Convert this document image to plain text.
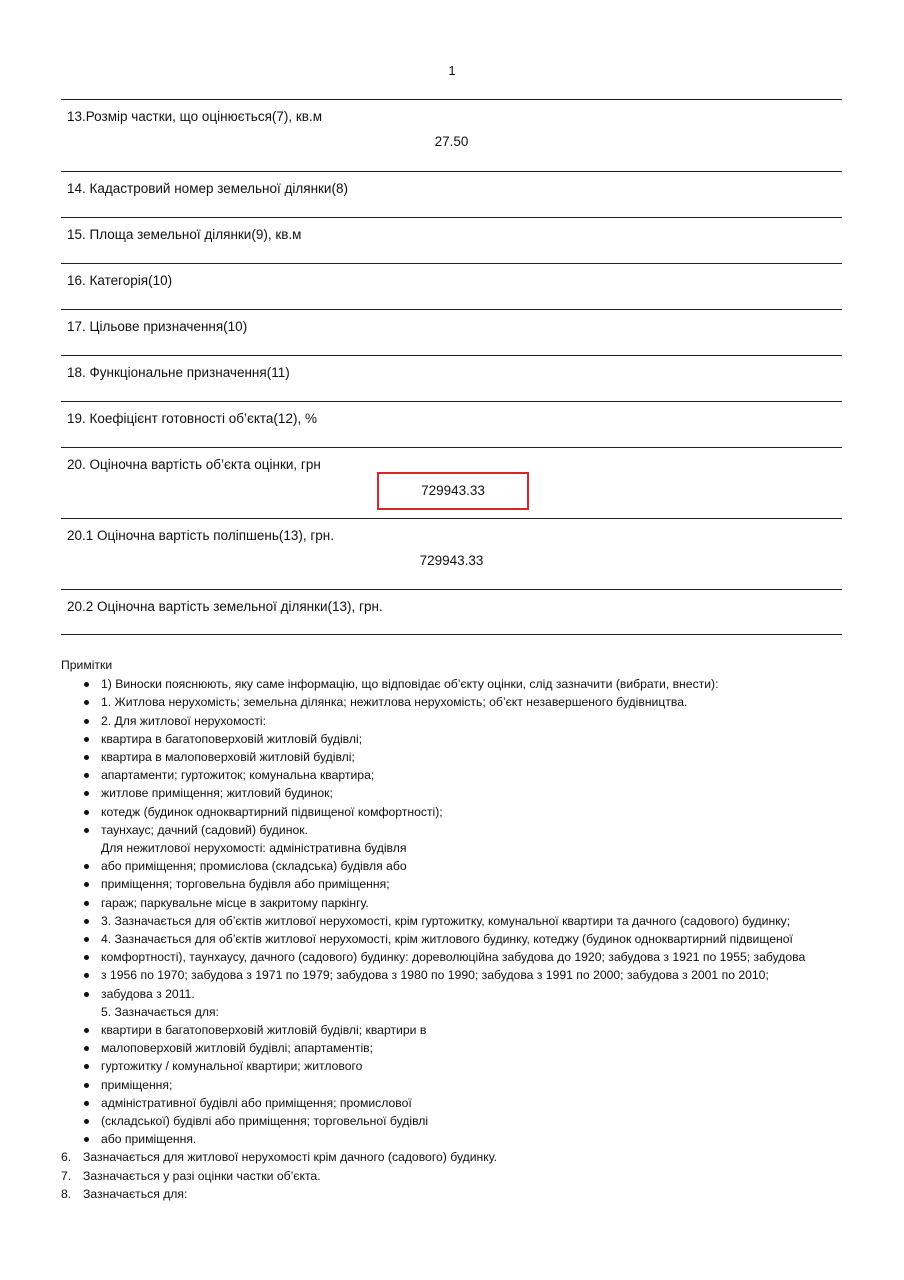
1
13.Розмір частки, що оцінюється(7), кв.м
27.50
14. Кадастровий номер земельної ділянки(8)
15. Площа земельної ділянки(9), кв.м
16. Категорія(10)
17. Цільове призначення(10)
18. Функціональне призначення(11)
19. Коефіцієнт готовності об’єкта(12), %
20. Оціночна вартість об’єкта оцінки, грн
729943.33
20.1 Оціночна вартість поліпшень(13), грн.
729943.33
20.2 Оціночна вартість земельної ділянки(13), грн.
Примітки
1) Виноски пояснюють, яку саме інформацію, що відповідає об’єкту оцінки, слід зазначити (вибрати, внести):
1. Житлова нерухомість; земельна ділянка; нежитлова нерухомість; об’єкт незавершеного будівництва.
2. Для житлової нерухомості:
квартира в багатоповерховій житловій будівлі;
квартира в малоповерховій житловій будівлі;
апартаменти; гуртожиток; комунальна квартира;
житлове приміщення; житловий будинок;
котедж (будинок одноквартирний підвищеної комфортності);
таунхаус; дачний (садовий) будинок.
Для нежитлової нерухомості: адміністративна будівля
або приміщення; промислова (складська) будівля або
приміщення; торговельна будівля або приміщення;
гараж; паркувальне місце в закритому паркінгу.
3. Зазначається для об’єктів житлової нерухомості, крім гуртожитку, комунальної квартири та дачного (садового) будинку;
4. Зазначається для об’єктів житлової нерухомості, крім житлового будинку, котеджу (будинок одноквартирний підвищеної
комфортності), таунхаусу, дачного (садового) будинку: дореволюційна забудова до 1920; забудова з 1921 по 1955; забудова
з 1956 по 1970; забудова з 1971 по 1979; забудова з 1980 по 1990; забудова з 1991 по 2000; забудова з 2001 по 2010;
забудова з 2011.
5. Зазначається для:
квартири в багатоповерховій житловій будівлі; квартири в
малоповерховій житловій будівлі; апартаментів;
гуртожитку / комунальної квартири; житлового
приміщення;
адміністративної будівлі або приміщення; промислової
(складської) будівлі або приміщення; торговельної будівлі
або приміщення.
6. Зазначається для житлової нерухомості крім дачного (садового) будинку.
7. Зазначається у разі оцінки частки об’єкта.
8. Зазначається для:
